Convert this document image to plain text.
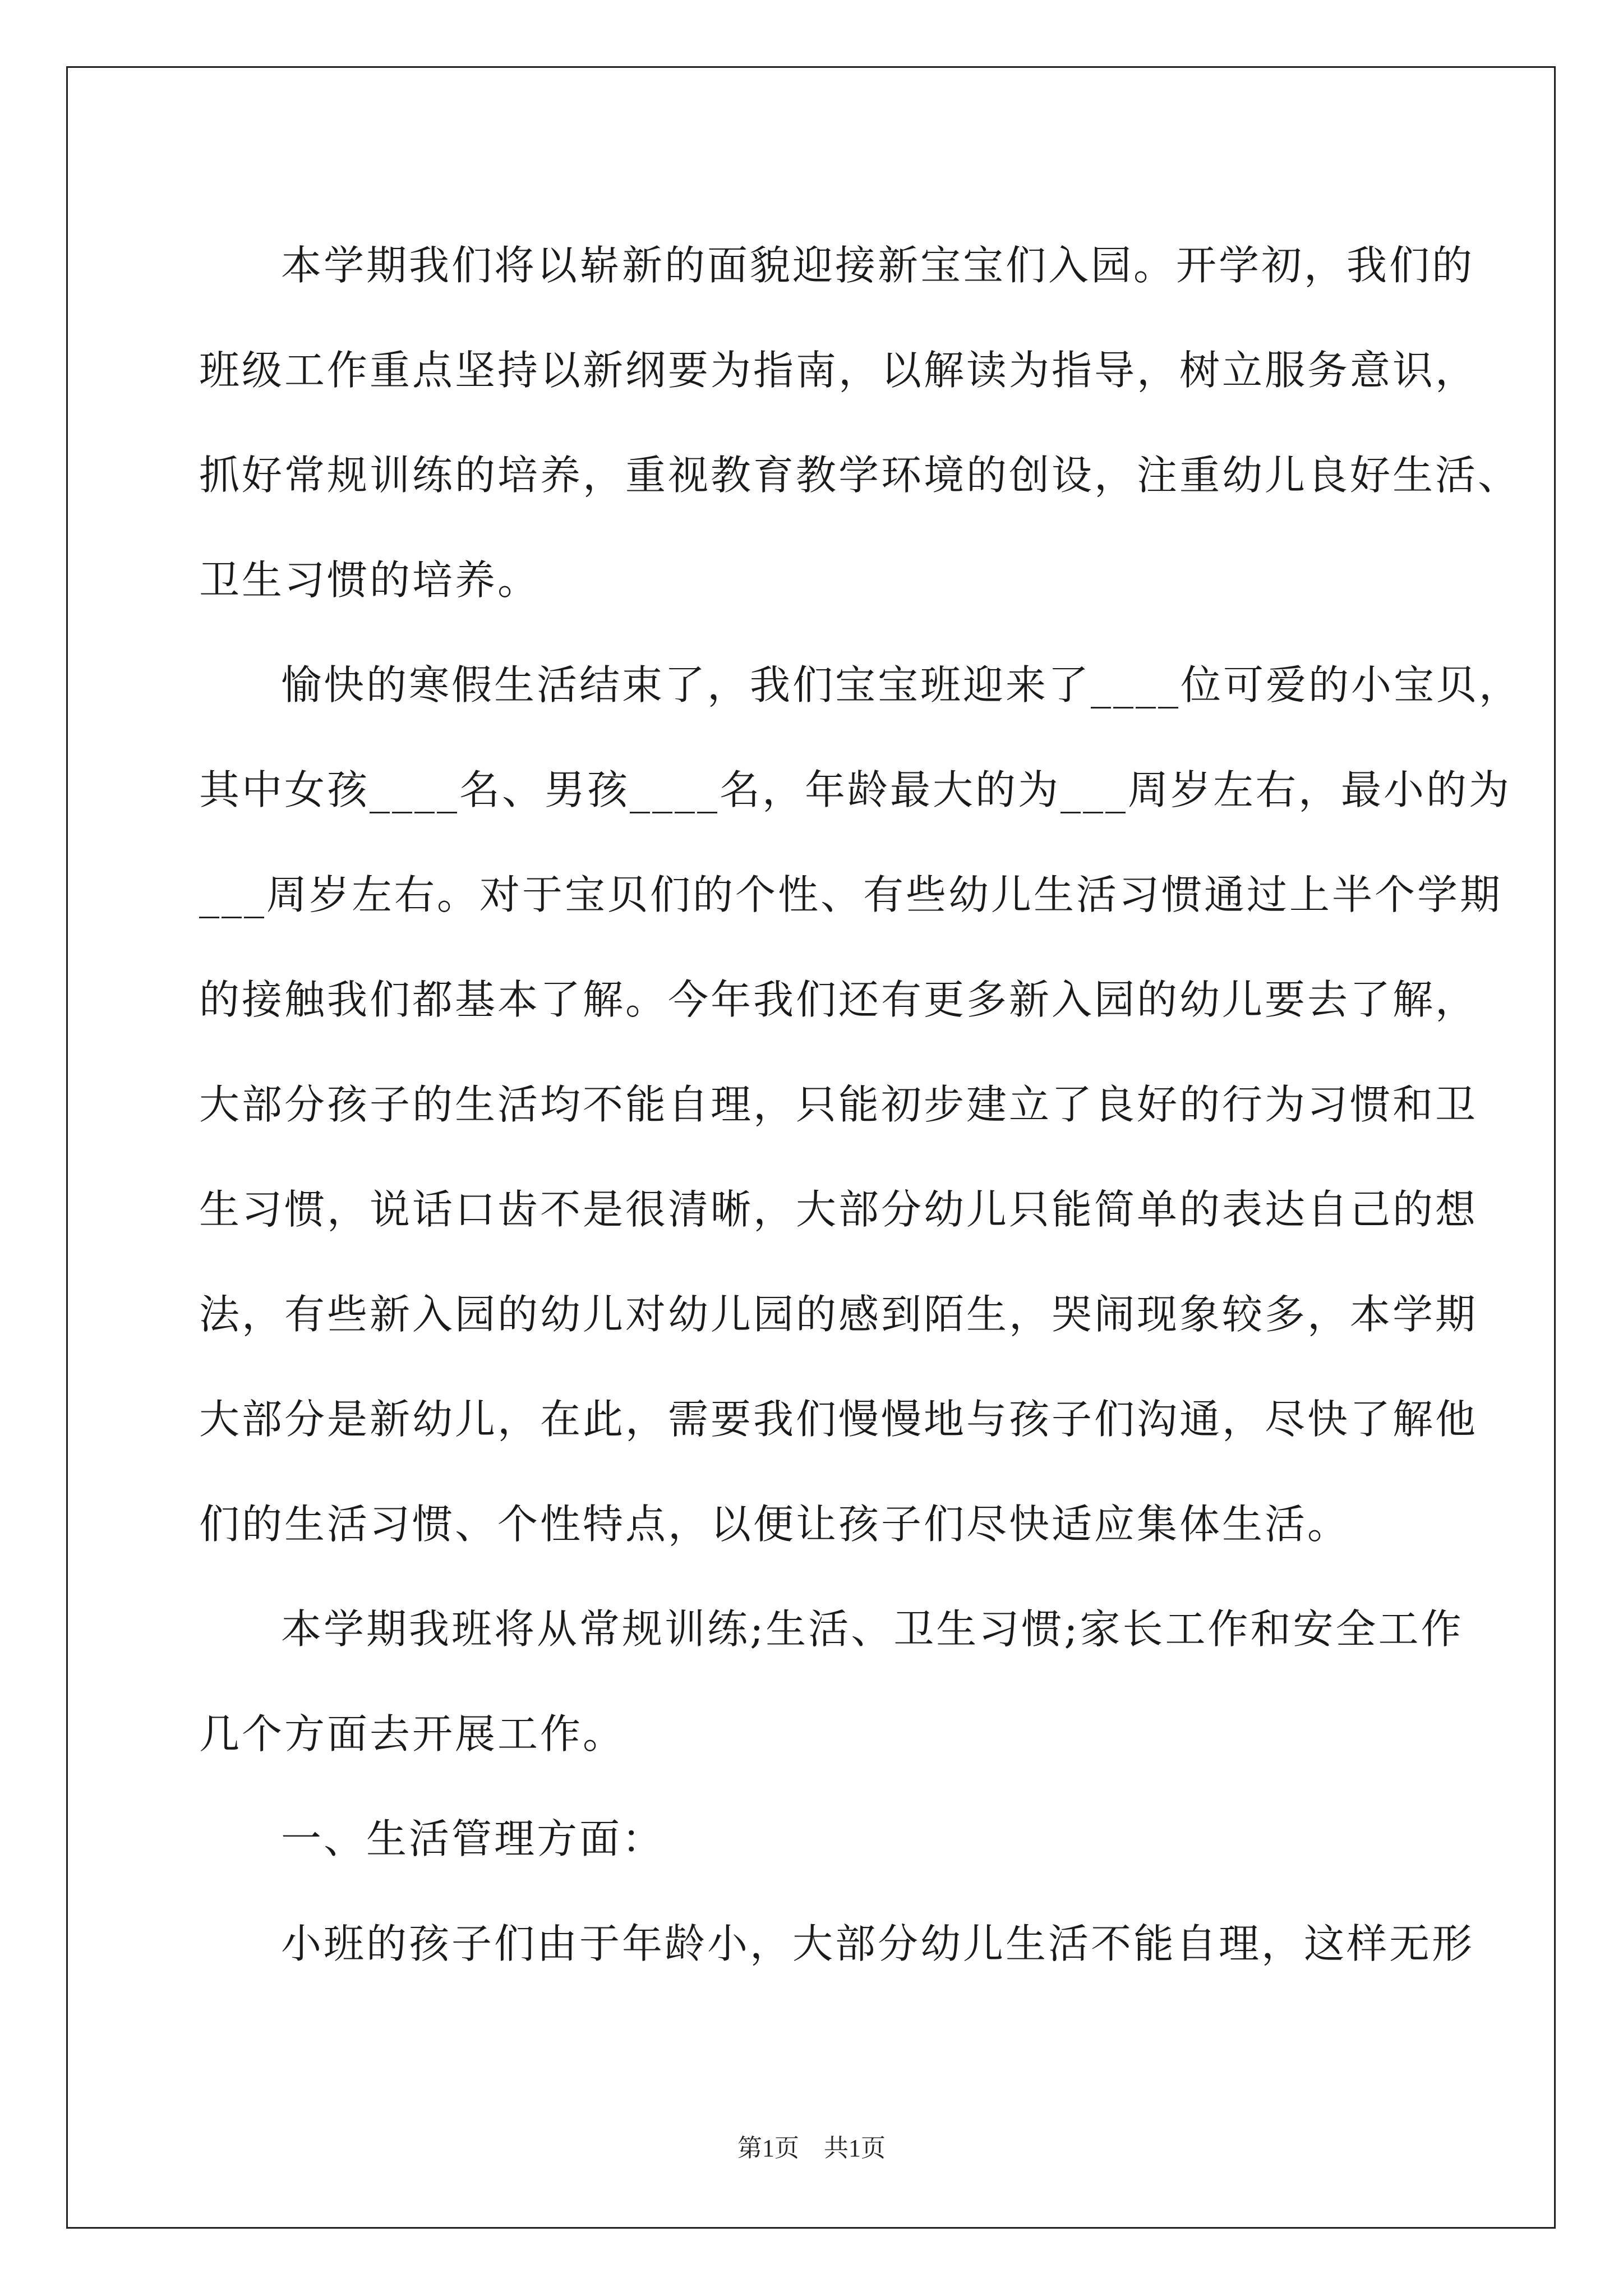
本学期我们将以崭新的面貌迎接新宝宝们入园。开学初，我们的
班级工作重点坚持以新纲要为指南，以解读为指导，树立服务意识，
抓好常规训练的培养，重视教育教学环境的创设，注重幼儿良好生活、
卫生习惯的培养。
愉快的寒假生活结束了，我们宝宝班迎来了____位可爱的小宝贝，
其中女孩____名、男孩____名，年龄最大的为___周岁左右，最小的为
___周岁左右。对于宝贝们的个性、有些幼儿生活习惯通过上半个学期
的接触我们都基本了解。今年我们还有更多新入园的幼儿要去了解，
大部分孩子的生活均不能自理，只能初步建立了良好的行为习惯和卫
生习惯，说话口齿不是很清晰，大部分幼儿只能简单的表达自己的想
法，有些新入园的幼儿对幼儿园的感到陌生，哭闹现象较多，本学期
大部分是新幼儿，在此，需要我们慢慢地与孩子们沟通，尽快了解他
们的生活习惯、个性特点，以便让孩子们尽快适应集体生活。
本学期我班将从常规训练;生活、卫生习惯;家长工作和安全工作
几个方面去开展工作。
一、生活管理方面：
小班的孩子们由于年龄小，大部分幼儿生活不能自理，这样无形
第1页　共1页
